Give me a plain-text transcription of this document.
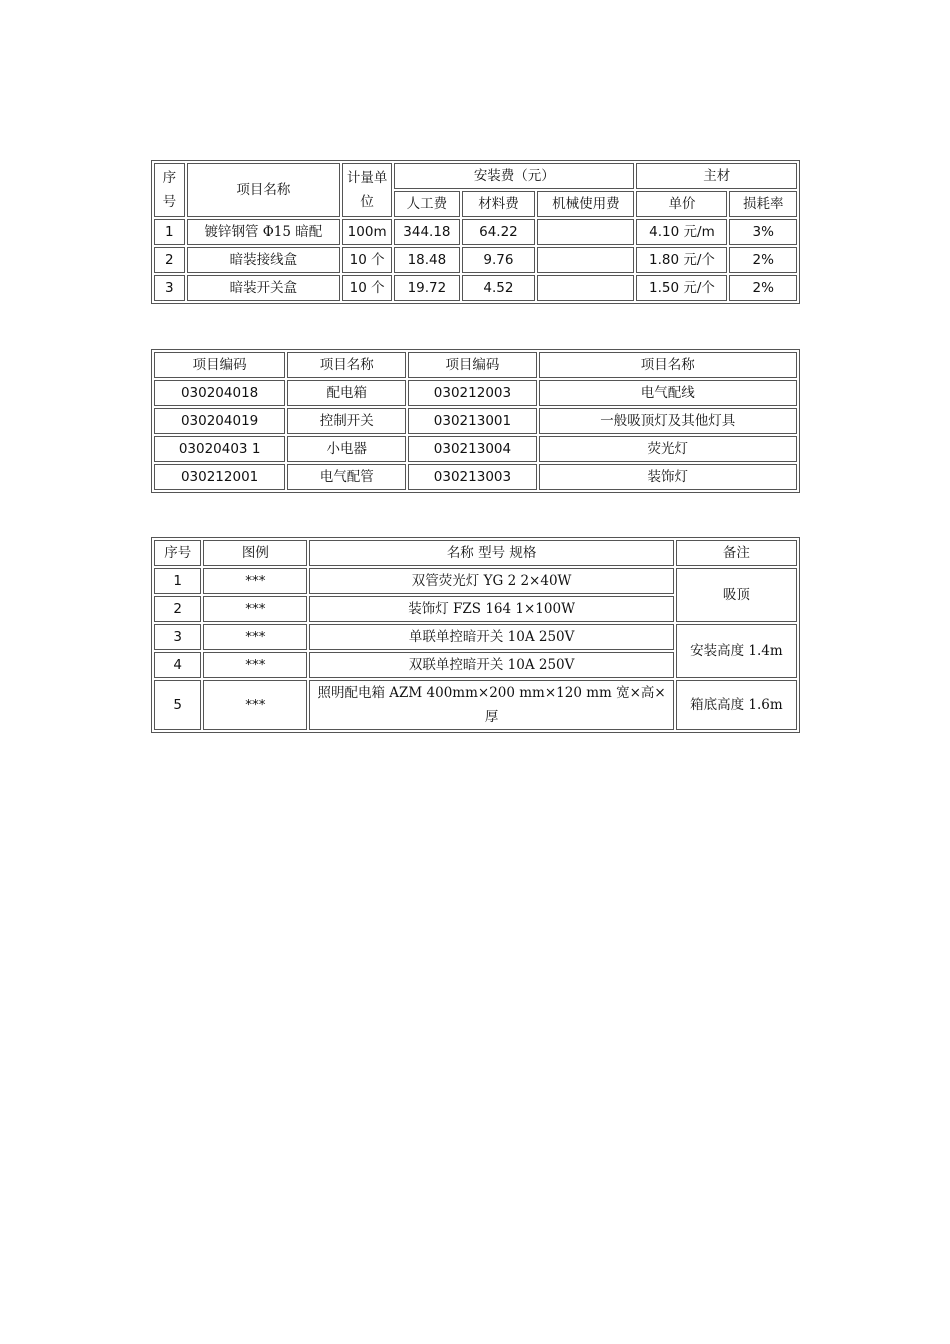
序号	项目名称	计量单位	安装费（元）			主材	
			人工费	材料费	机械使用费	单价	损耗率
1	镀锌钢管 Φ15 暗配	100m	344.18	64.22		4.10 元/m	3%
2	暗装接线盒	10 个	18.48	9.76		1.80 元/个	2%
3	暗装开关盒	10 个	19.72	4.52		1.50 元/个	2%
项目编码	项目名称	项目编码	项目名称
030204018	配电箱	030212003	电气配线
030204019	控制开关	030213001	一般吸顶灯及其他灯具
03020403 1	小电器	030213004	荧光灯
030212001	电气配管	030213003	装饰灯
序号	图例	名称 型号 规格	备注
1	***	双管荧光灯 YG 2 2×40W	吸顶
2	***	装饰灯 FZS 164 1×100W	
3	***	单联单控暗开关 10A 250V	安装高度 1.4m
4	***	双联单控暗开关 10A 250V	
5	***	照明配电箱 AZM 400mm×200 mm×120 mm 宽×高×厚	箱底高度 1.6m
